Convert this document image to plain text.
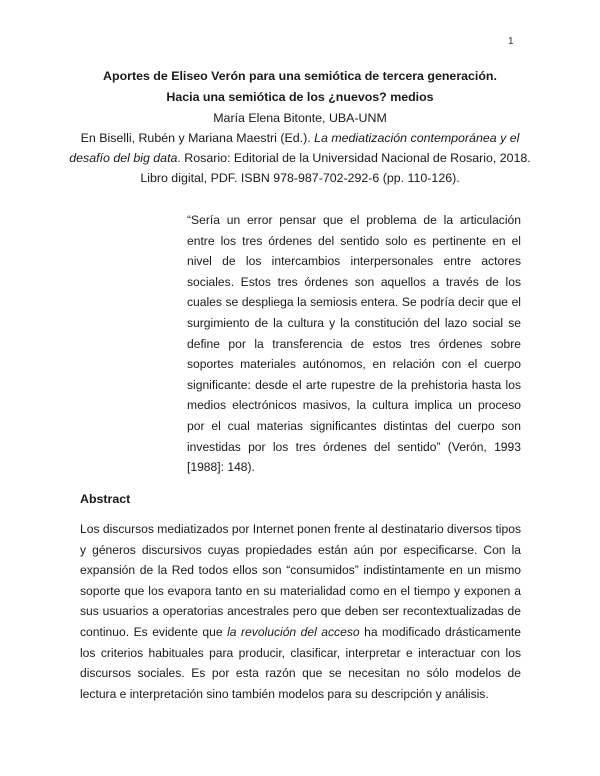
1
Aportes de Eliseo Verón para una semiótica de tercera generación.
Hacia una semiótica de los ¿nuevos? medios
María Elena Bitonte, UBA-UNM
En Biselli, Rubén y Mariana Maestri (Ed.). La mediatización contemporánea y el desafío del big data. Rosario: Editorial de la Universidad Nacional de Rosario, 2018. Libro digital, PDF. ISBN 978-987-702-292-6 (pp. 110-126).
“Sería un error pensar que el problema de la articulación entre los tres órdenes del sentido solo es pertinente en el nivel de los intercambios interpersonales entre actores sociales. Estos tres órdenes son aquellos a través de los cuales se despliega la semiosis entera. Se podría decir que el surgimiento de la cultura y la constitución del lazo social se define por la transferencia de estos tres órdenes sobre soportes materiales autónomos, en relación con el cuerpo significante: desde el arte rupestre de la prehistoria hasta los medios electrónicos masivos, la cultura implica un proceso por el cual materias significantes distintas del cuerpo son investidas por los tres órdenes del sentido” (Verón, 1993 [1988]: 148).
Abstract
Los discursos mediatizados por Internet ponen frente al destinatario diversos tipos y géneros discursivos cuyas propiedades están aún por especificarse. Con la expansión de la Red todos ellos son “consumidos” indistintamente en un mismo soporte que los evapora tanto en su materialidad como en el tiempo y exponen a sus usuarios a operatorias ancestrales pero que deben ser recontextualizadas de continuo. Es evidente que la revolución del acceso ha modificado drásticamente los criterios habituales para producir, clasificar, interpretar e interactuar con los discursos sociales. Es por esta razón que se necesitan no sólo modelos de lectura e interpretación sino también modelos para su descripción y análisis.
